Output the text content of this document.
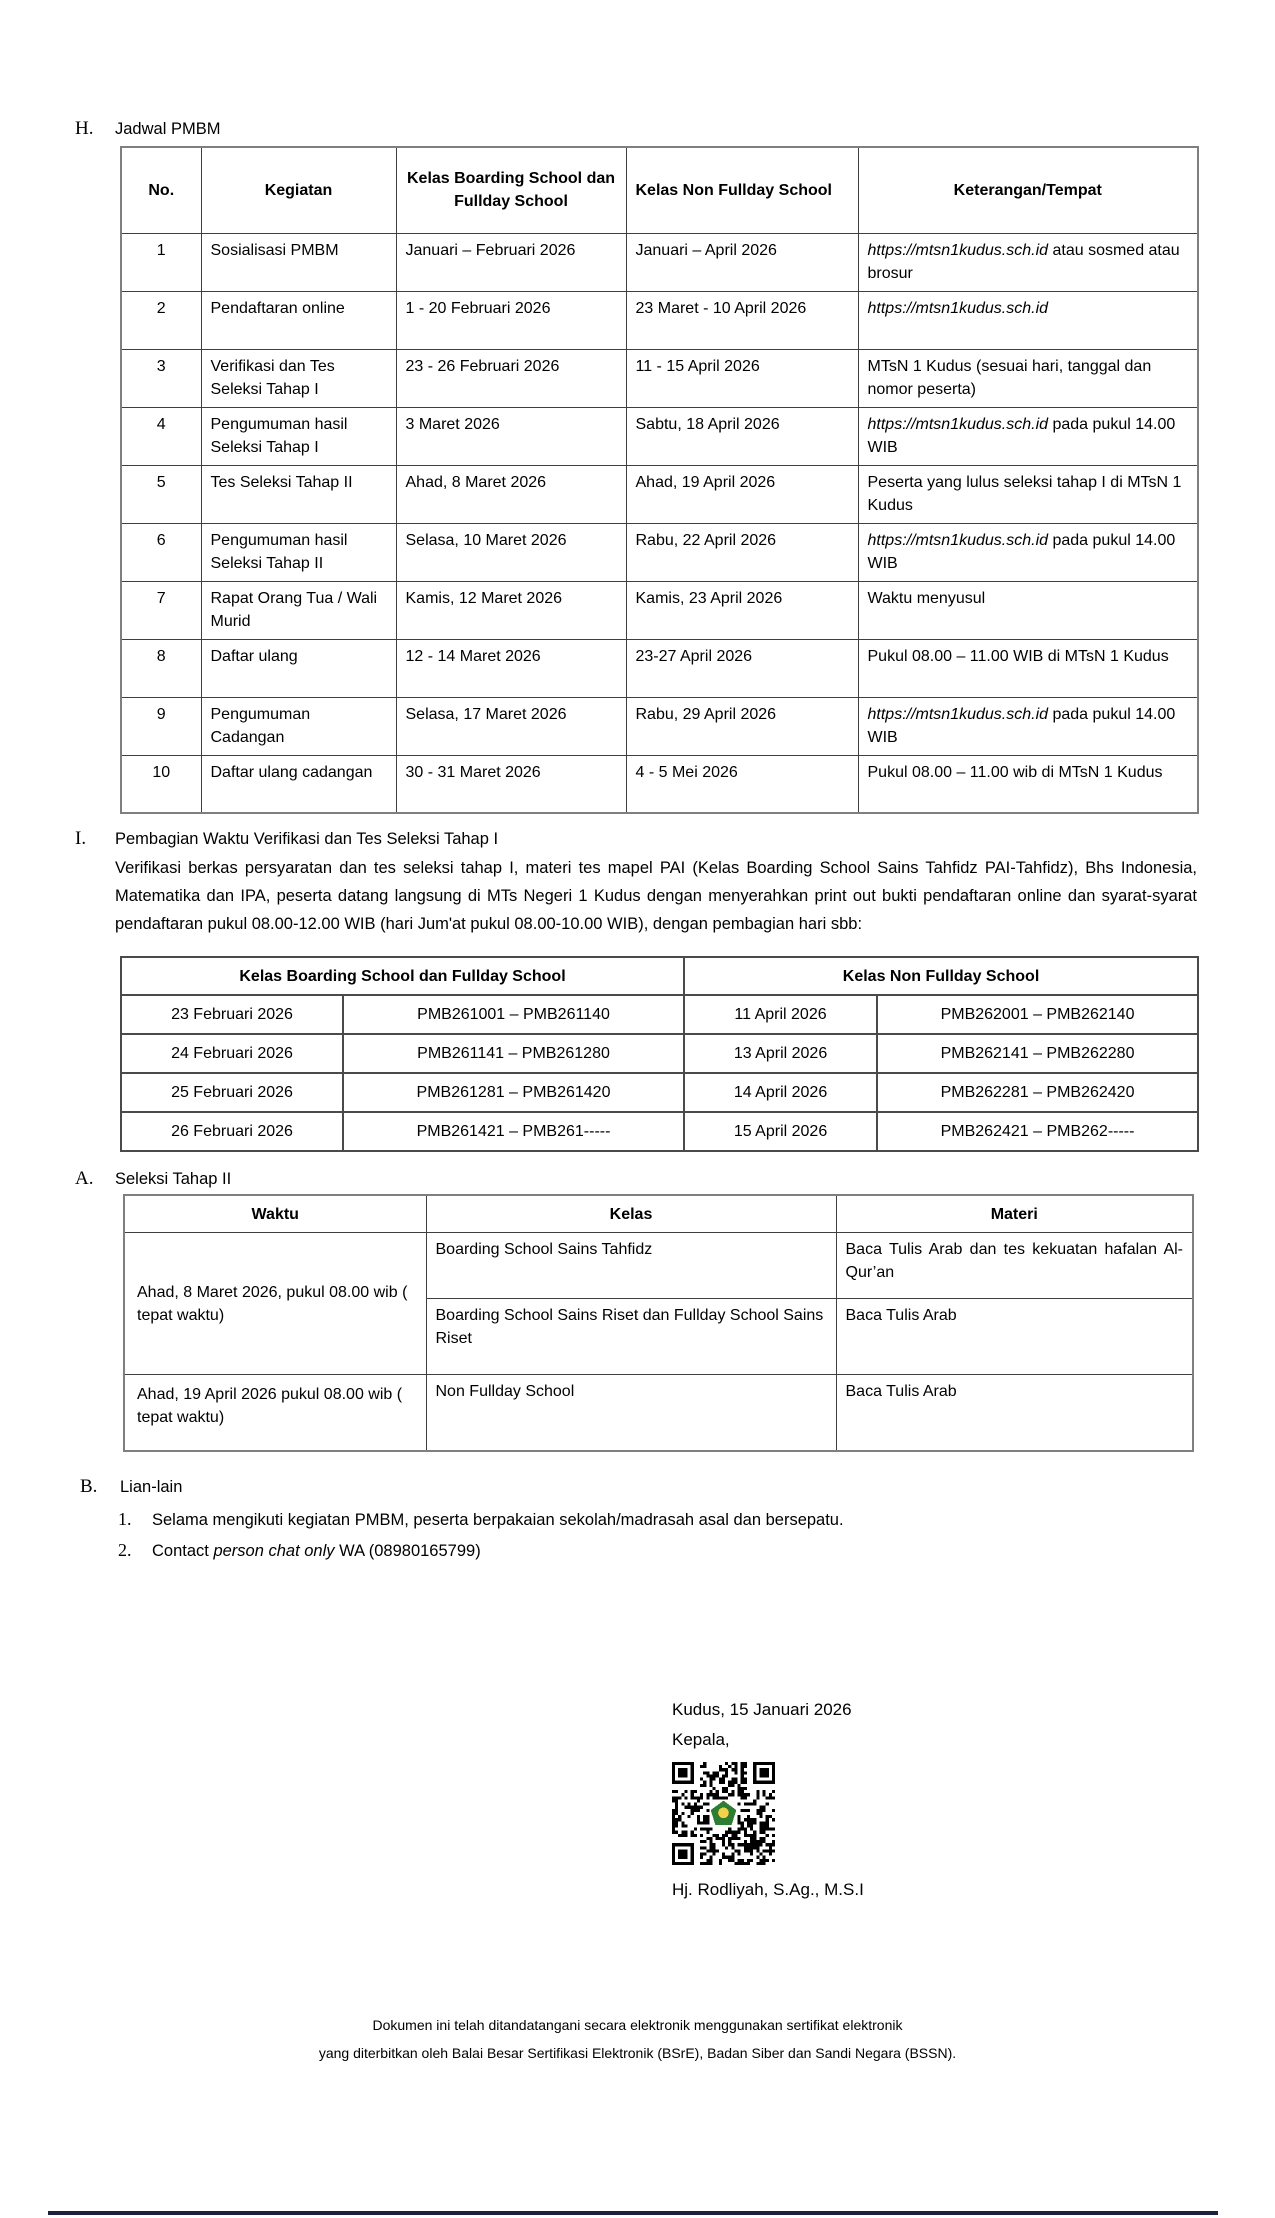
H.	Jadwal PMBM
No.	Kegiatan	Kelas Boarding School dan Fullday School	Kelas Non Fullday School	Keterangan/Tempat
1	Sosialisasi PMBM	Januari – Februari 2026	Januari – April 2026	https://mtsn1kudus.sch.id atau sosmed atau brosur
2	Pendaftaran online	1 - 20 Februari 2026	23 Maret - 10 April 2026	https://mtsn1kudus.sch.id
3	Verifikasi dan Tes Seleksi Tahap I	23 - 26 Februari 2026	11 - 15 April 2026	MTsN 1 Kudus (sesuai hari, tanggal dan nomor peserta)
4	Pengumuman hasil Seleksi Tahap I	3 Maret 2026	Sabtu, 18 April 2026	https://mtsn1kudus.sch.id pada pukul 14.00 WIB
5	Tes Seleksi Tahap II	Ahad, 8 Maret 2026	Ahad, 19 April 2026	Peserta yang lulus seleksi tahap I di MTsN 1 Kudus
6	Pengumuman hasil Seleksi Tahap II	Selasa, 10 Maret 2026	Rabu, 22 April 2026	https://mtsn1kudus.sch.id pada pukul 14.00 WIB
7	Rapat Orang Tua / Wali Murid	Kamis, 12 Maret 2026	Kamis, 23 April 2026	Waktu menyusul
8	Daftar ulang	12 - 14 Maret 2026	23-27 April 2026	Pukul 08.00 – 11.00 WIB di MTsN 1 Kudus
9	Pengumuman Cadangan	Selasa, 17 Maret 2026	Rabu, 29 April 2026	https://mtsn1kudus.sch.id pada pukul 14.00 WIB
10	Daftar ulang cadangan	30 - 31 Maret 2026	4 - 5 Mei 2026	Pukul 08.00 – 11.00 wib di MTsN 1 Kudus
I.	Pembagian Waktu Verifikasi dan Tes Seleksi Tahap I
Verifikasi berkas persyaratan dan tes seleksi tahap I, materi tes mapel PAI (Kelas Boarding School Sains Tahfidz PAI-Tahfidz), Bhs Indonesia, Matematika dan IPA, peserta datang langsung di MTs Negeri 1 Kudus dengan menyerahkan print out bukti pendaftaran online dan syarat-syarat pendaftaran pukul 08.00-12.00 WIB (hari Jum'at pukul 08.00-10.00 WIB), dengan pembagian hari sbb:
Kelas Boarding School dan Fullday School		Kelas Non Fullday School	
23 Februari 2026	PMB261001 – PMB261140	11 April 2026	PMB262001 – PMB262140
24 Februari 2026	PMB261141 – PMB261280	13 April 2026	PMB262141 – PMB262280
25 Februari 2026	PMB261281 – PMB261420	14 April 2026	PMB262281 – PMB262420
26 Februari 2026	PMB261421 – PMB261-----	15 April 2026	PMB262421 – PMB262-----
A.	Seleksi Tahap II
Waktu	Kelas	Materi
Ahad, 8 Maret 2026, pukul 08.00 wib ( tepat waktu)	Boarding School Sains Tahfidz	Baca Tulis Arab dan tes kekuatan hafalan Al-Qur’an
	Boarding School Sains Riset dan Fullday School Sains Riset	Baca Tulis Arab
Ahad, 19 April 2026 pukul 08.00 wib ( tepat waktu)	Non Fullday School	Baca Tulis Arab
B.	Lian-lain
1.	Selama mengikuti kegiatan PMBM, peserta berpakaian sekolah/madrasah asal dan bersepatu.
2.	Contact person chat only WA (08980165799)
Kudus, 15 Januari 2026
Kepala,
Hj. Rodliyah, S.Ag., M.S.I
Dokumen ini telah ditandatangani secara elektronik menggunakan sertifikat elektronik
yang diterbitkan oleh Balai Besar Sertifikasi Elektronik (BSrE), Badan Siber dan Sandi Negara (BSSN).
